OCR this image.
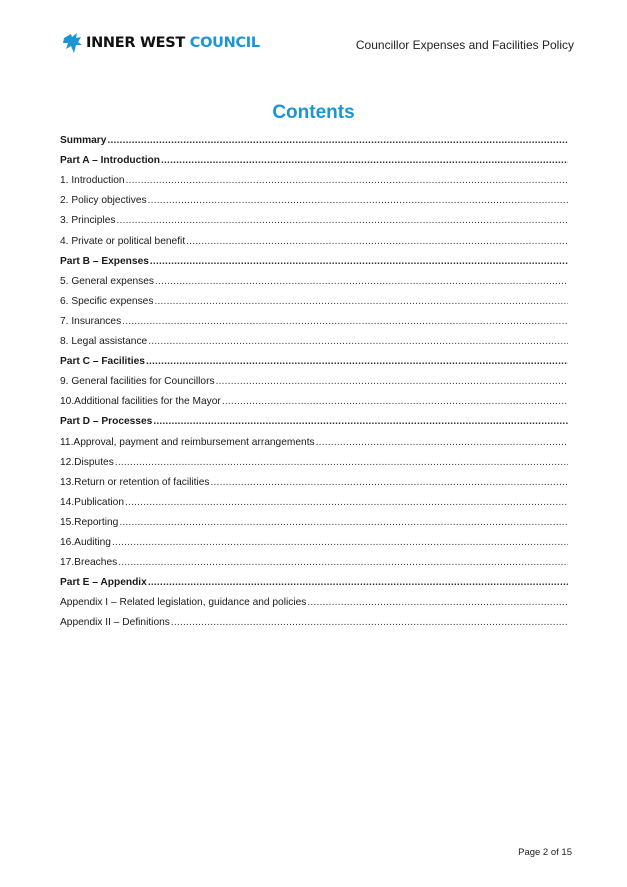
INNER WEST COUNCIL	Councillor Expenses and Facilities Policy
Contents
Summary
.....
Part A – Introduction
.....
1. Introduction
.....
2. Policy objectives
.....
3. Principles
.....
4. Private or political benefit
.....
Part B – Expenses
.....
5. General expenses
.....
6. Specific expenses
.....
7. Insurances
.....
8. Legal assistance
.....
Part C – Facilities
.....
9. General facilities for Councillors
.....
10.Additional facilities for the Mayor
.....
Part D – Processes
.....
11.Approval, payment and reimbursement arrangements
.....
12.Disputes
.....
13.Return or retention of facilities
.....
14.Publication
.....
15.Reporting
.....
16.Auditing
.....
17.Breaches
.....
Part E – Appendix
.....
Appendix I – Related legislation, guidance and policies
.....
Appendix II – Definitions
.....
Page 2 of 15
